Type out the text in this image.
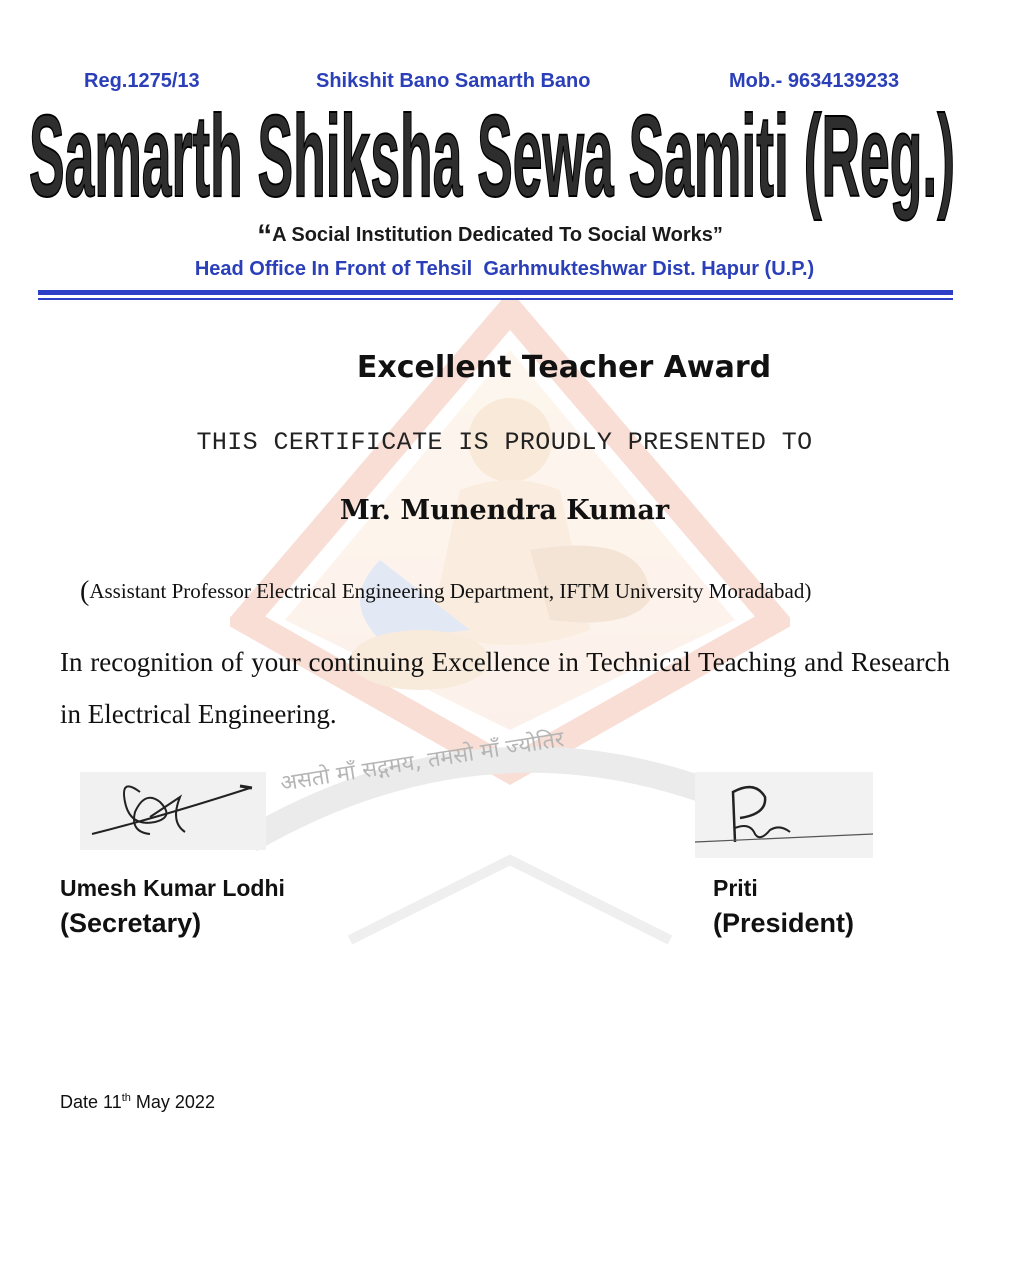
असतो मॉं सद्गमय, तमसो मॉं ज्योतिर
Reg.1275/13	Shikshit Bano Samarth Bano	Mob.- 9634139233
Samarth Shiksha Sewa Samiti (Reg.)
“A Social Institution Dedicated To Social Works”
Head Office In Front of Tehsil  Garhmukteshwar Dist. Hapur (U.P.)
Excellent Teacher Award
THIS CERTIFICATE IS PROUDLY PRESENTED TO
Mr. Munendra Kumar
(Assistant Professor Electrical Engineering Department, IFTM University Moradabad)
In recognition of your continuing Excellence in Technical Teaching and Research in Electrical Engineering.
Umesh Kumar Lodhi
(Secretary)
Priti
(President)
Date 11th May 2022
